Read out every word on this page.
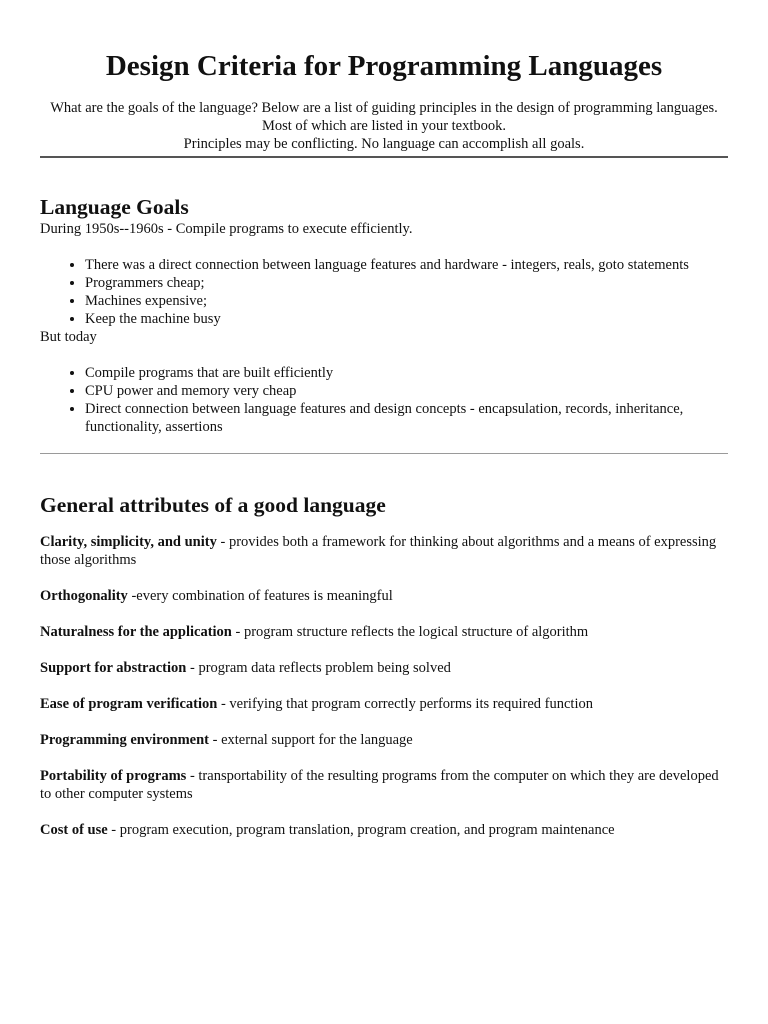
Design Criteria for Programming Languages

What are the goals of the language? Below are a list of guiding principles in the design of programming languages. Most of which are listed in your textbook.

Principles may be conflicting. No language can accomplish all goals.

Language Goals

During 1950s--1960s - Compile programs to execute efficiently.

• There was a direct connection between language features and hardware - integers, reals, goto statements
• Programmers cheap;
• Machines expensive;
• Keep the machine busy

But today

• Compile programs that are built efficiently
• CPU power and memory very cheap
• Direct connection between language features and design concepts - encapsulation, records, inheritance, functionality, assertions
General attributes of a good language

Clarity, simplicity, and unity - provides both a framework for thinking about algorithms and a means of expressing those algorithms

Orthogonality -every combination of features is meaningful

Naturalness for the application - program structure reflects the logical structure of algorithm

Support for abstraction - program data reflects problem being solved

Ease of program verification - verifying that program correctly performs its required function

Programming environment - external support for the language

Portability of programs - transportability of the resulting programs from the computer on which they are developed to other computer systems

Cost of use - program execution, program translation, program creation, and program maintenance
